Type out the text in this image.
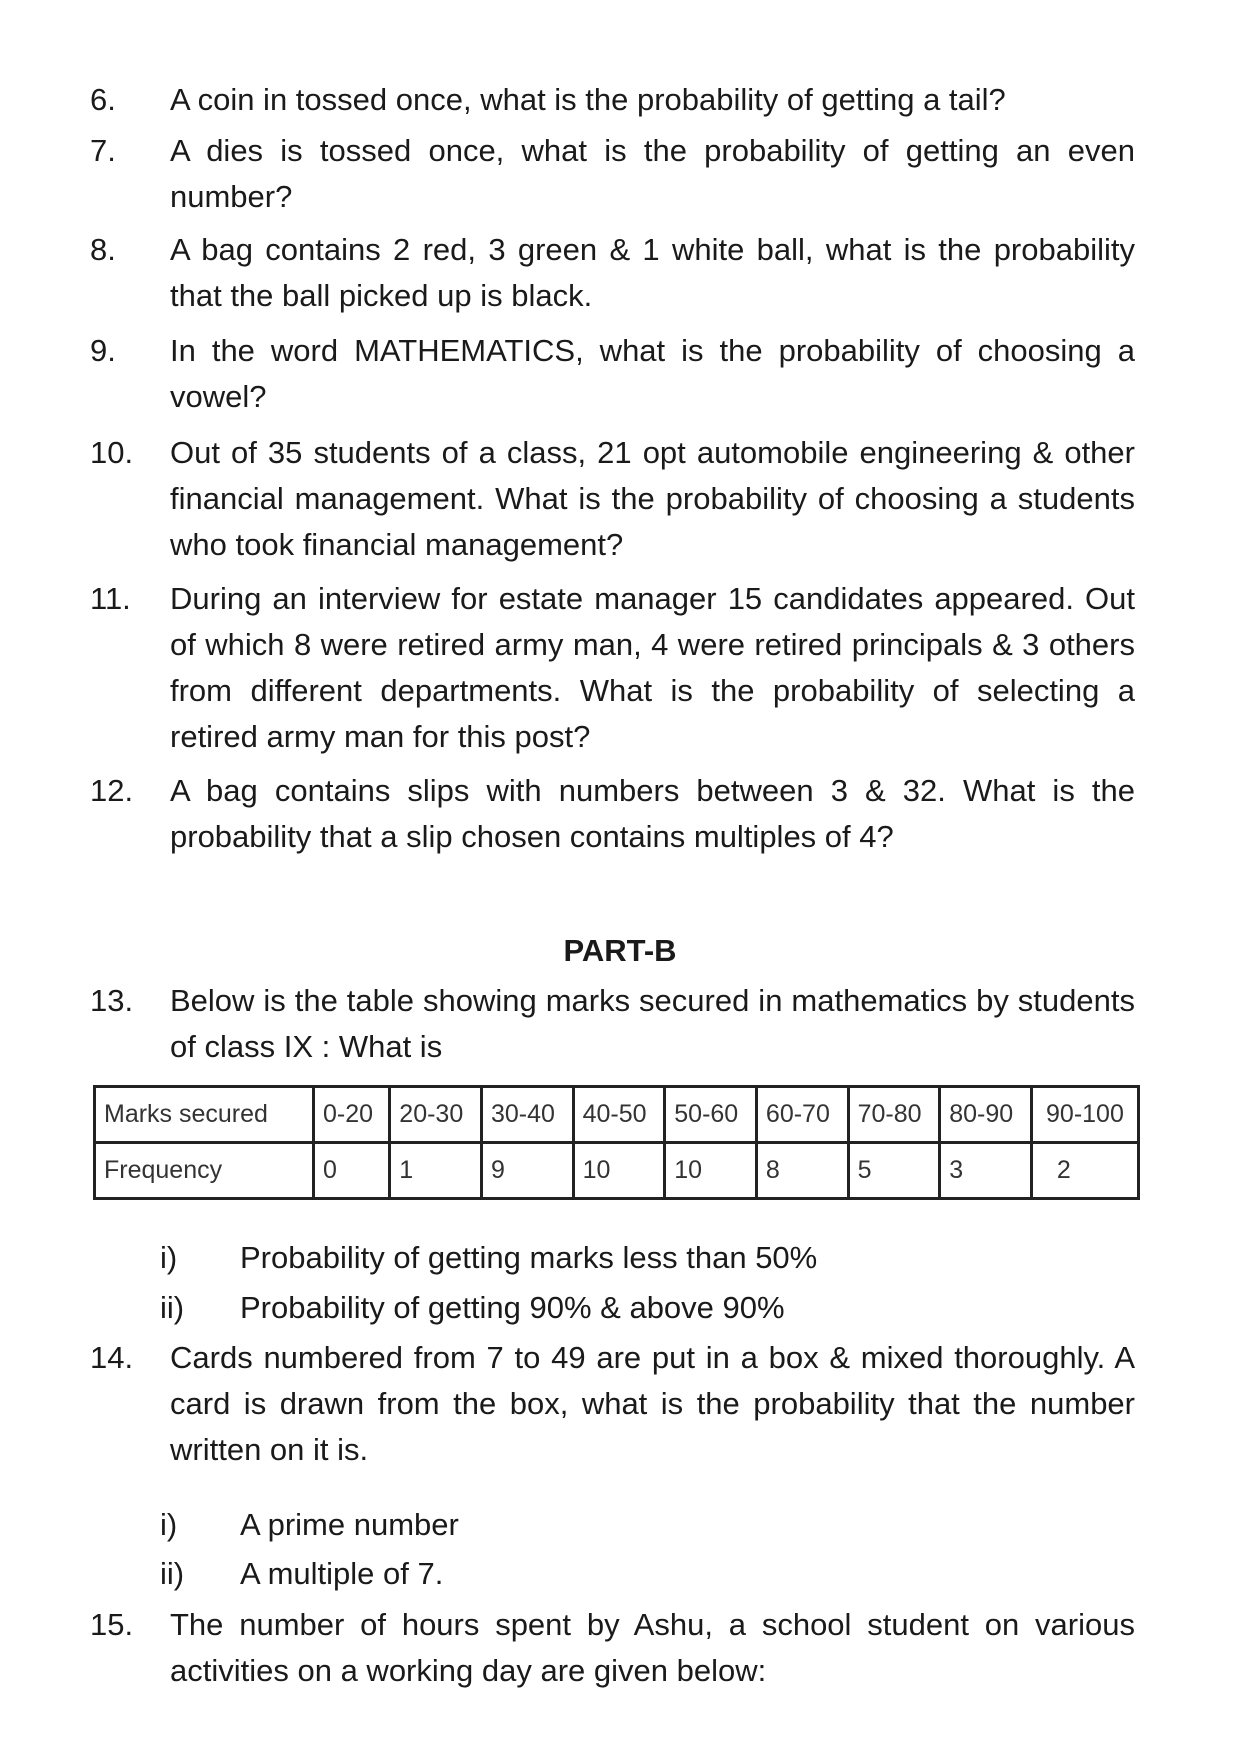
6.	A coin in tossed once, what is the probability of getting a tail?
7.	A dies is tossed once, what is the probability of getting an even number?
8.	A bag contains 2 red, 3 green & 1 white ball, what is the probability that the ball picked up is black.
9.	In the word MATHEMATICS, what is the probability of choosing a vowel?
10.	Out of 35 students of a class, 21 opt automobile engineering & other financial management. What is the probability of choosing a students who took financial management?
11.	During an interview for estate manager 15 candidates appeared. Out of which 8 were retired army man, 4 were retired principals & 3 others from different departments. What is the probability of selecting a retired army man for this post?
12.	A bag contains slips with numbers between 3 & 32. What is the probability that a slip chosen contains multiples of 4?
PART-B
13.	Below is the table showing marks secured in mathematics by students of class IX : What is
Marks secured	0-20	20-30	30-40	40-50	50-60	60-70	70-80	80-90	90-100
Frequency	0	1	9	10	10	8	5	3	2
i)	Probability of getting marks less than 50%
ii)	Probability of getting 90% & above 90%
14.	Cards numbered from 7 to 49 are put in a box & mixed thoroughly. A card is drawn from the box, what is the probability that the number written on it is.
i)	A prime number
ii)	A multiple of 7.
15.	The number of hours spent by Ashu, a school student on various activities on a working day are given below:
